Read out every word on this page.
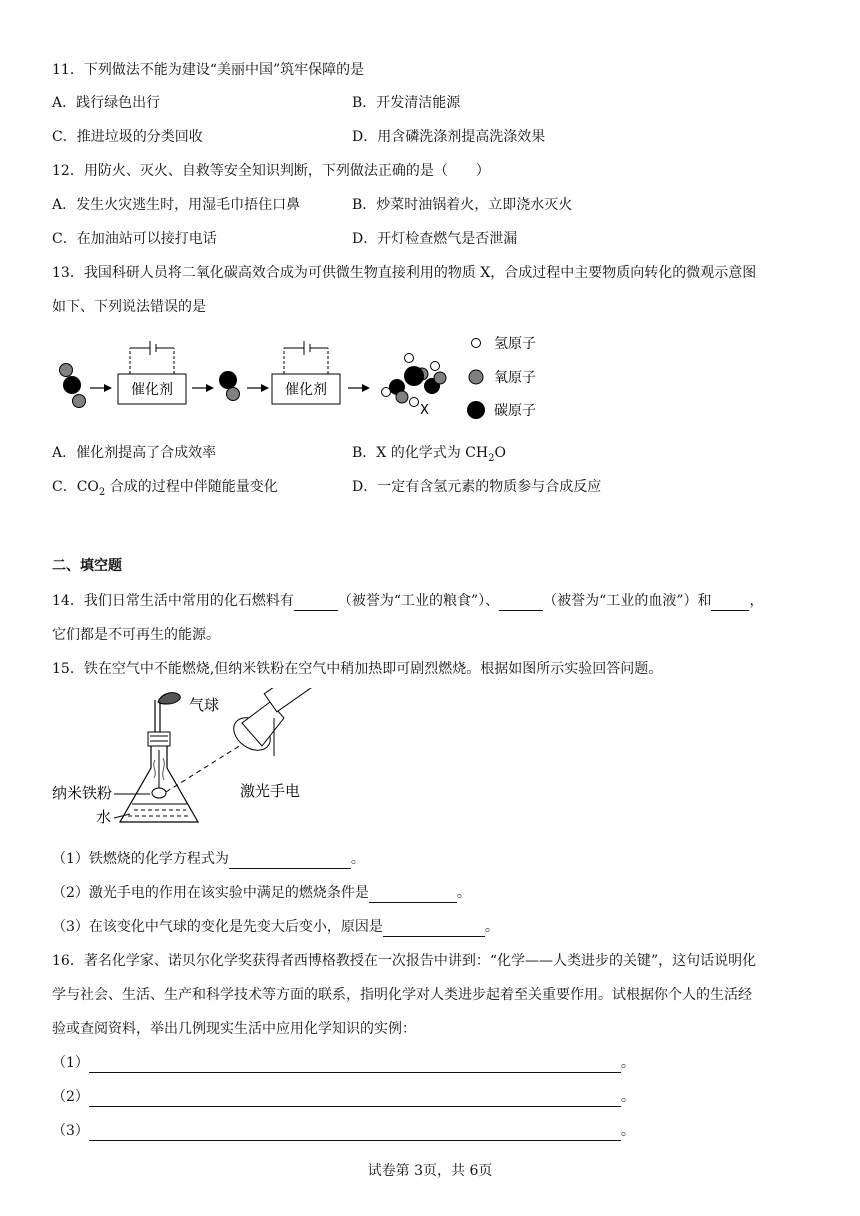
11．下列做法不能为建设“美丽中国”筑牢保障的是
A．践行绿色出行	B．开发清洁能源
C．推进垃圾的分类回收	D．用含磷洗涤剂提高洗涤效果
12．用防火、灭火、自救等安全知识判断，下列做法正确的是（　　）
A．发生火灾逃生时，用湿毛巾捂住口鼻	B．炒菜时油锅着火，立即浇水灭火
C．在加油站可以接打电话	D．开灯检查燃气是否泄漏
13．我国科研人员将二氧化碳高效合成为可供微生物直接利用的物质 X，合成过程中主要物质向转化的微观示意图
如下、下列说法错误的是
催化剂	催化剂
X
氢原子
氧原子
碳原子
A．催化剂提高了合成效率	B．X 的化学式为 $CH_2O$
C．$CO_2$ 合成的过程中伴随能量变化	D．一定有含氢元素的物质参与合成反应
二、填空题
14．我们日常生活中常用的化石燃料有	（被誉为“工业的粮食”）、	（被誉为“工业的血液”）和	，
它们都是不可再生的能源。
15．铁在空气中不能燃烧,但纳米铁粉在空气中稍加热即可剧烈燃烧。根据如图所示实验回答问题。
气球
激光手电
纳米铁粉
水
（1）铁燃烧的化学方程式为	。
（2）激光手电的作用在该实验中满足的燃烧条件是	。
（3）在该变化中气球的变化是先变大后变小，原因是	。
16．著名化学家、诺贝尔化学奖获得者西博格教授在一次报告中讲到：“化学——人类进步的关键”，这句话说明化
学与社会、生活、生产和科学技术等方面的联系，指明化学对人类进步起着至关重要作用。试根据你个人的生活经
验或查阅资料，举出几例现实生活中应用化学知识的实例：
（1）	。
（2）	。
（3）	。
试卷第 3页，共 6页
